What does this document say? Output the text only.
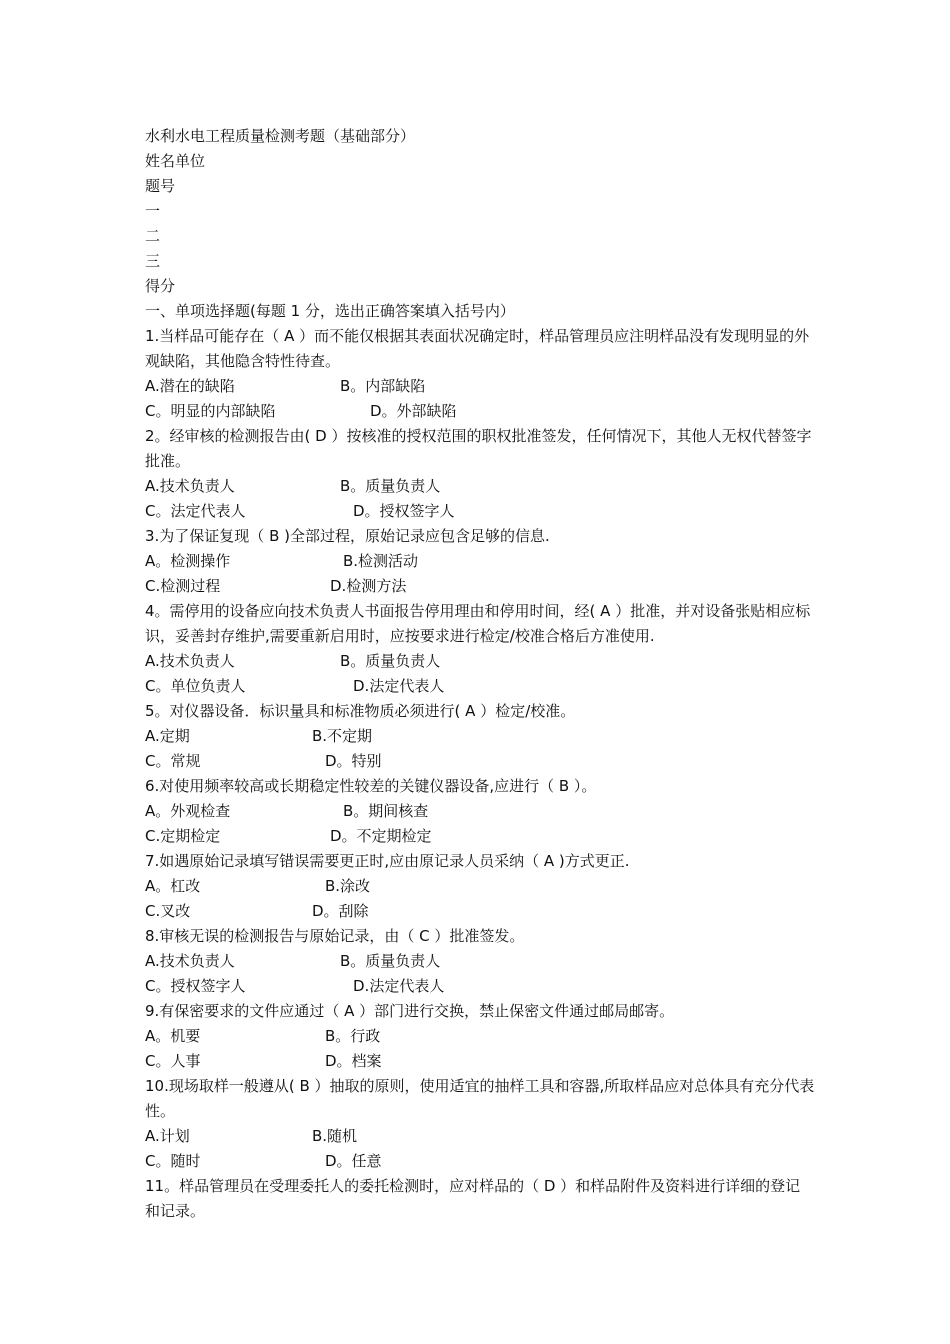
水利水电工程质量检测考题（基础部分）
姓名单位
题号
一
二
三
得分
一、单项选择题(每题 1 分，选出正确答案填入括号内）
1.当样品可能存在（ A ）而不能仅根据其表面状况确定时，样品管理员应注明样品没有发现明显的外观缺陷，其他隐含特性待查。
A.潜在的缺陷	B。内部缺陷
C。明显的内部缺陷	D。外部缺陷
2。经审核的检测报告由( D ）按核准的授权范围的职权批准签发，任何情况下，其他人无权代替签字批准。
A.技术负责人	B。质量负责人
C。法定代表人	D。授权签字人
3.为了保证复现（ B )全部过程，原始记录应包含足够的信息.
A。检测操作	B.检测活动
C.检测过程	D.检测方法
4。需停用的设备应向技术负责人书面报告停用理由和停用时间，经( A ）批准，并对设备张贴相应标识，妥善封存维护,需要重新启用时，应按要求进行检定/校准合格后方准使用.
A.技术负责人	B。质量负责人
C。单位负责人	D.法定代表人
5。对仪器设备．标识量具和标准物质必须进行( A ）检定/校准。
A.定期	B.不定期
C。常规	D。特别
6.对使用频率较高或长期稳定性较差的关键仪器设备,应进行（ B ）。
A。外观检查	B。期间核查
C.定期检定	D。不定期检定
7.如遇原始记录填写错误需要更正时,应由原记录人员采纳（ A )方式更正.
A。杠改	B.涂改
C.叉改	D。刮除
8.审核无误的检测报告与原始记录，由（ C ）批准签发。
A.技术负责人	B。质量负责人
C。授权签字人	D.法定代表人
9.有保密要求的文件应通过（ A ）部门进行交换，禁止保密文件通过邮局邮寄。
A。机要	B。行政
C。人事	D。档案
10.现场取样一般遵从( B ）抽取的原则，使用适宜的抽样工具和容器,所取样品应对总体具有充分代表性。
A.计划	B.随机
C。随时	D。任意
11。样品管理员在受理委托人的委托检测时，应对样品的（ D ）和样品附件及资料进行详细的登记和记录。
